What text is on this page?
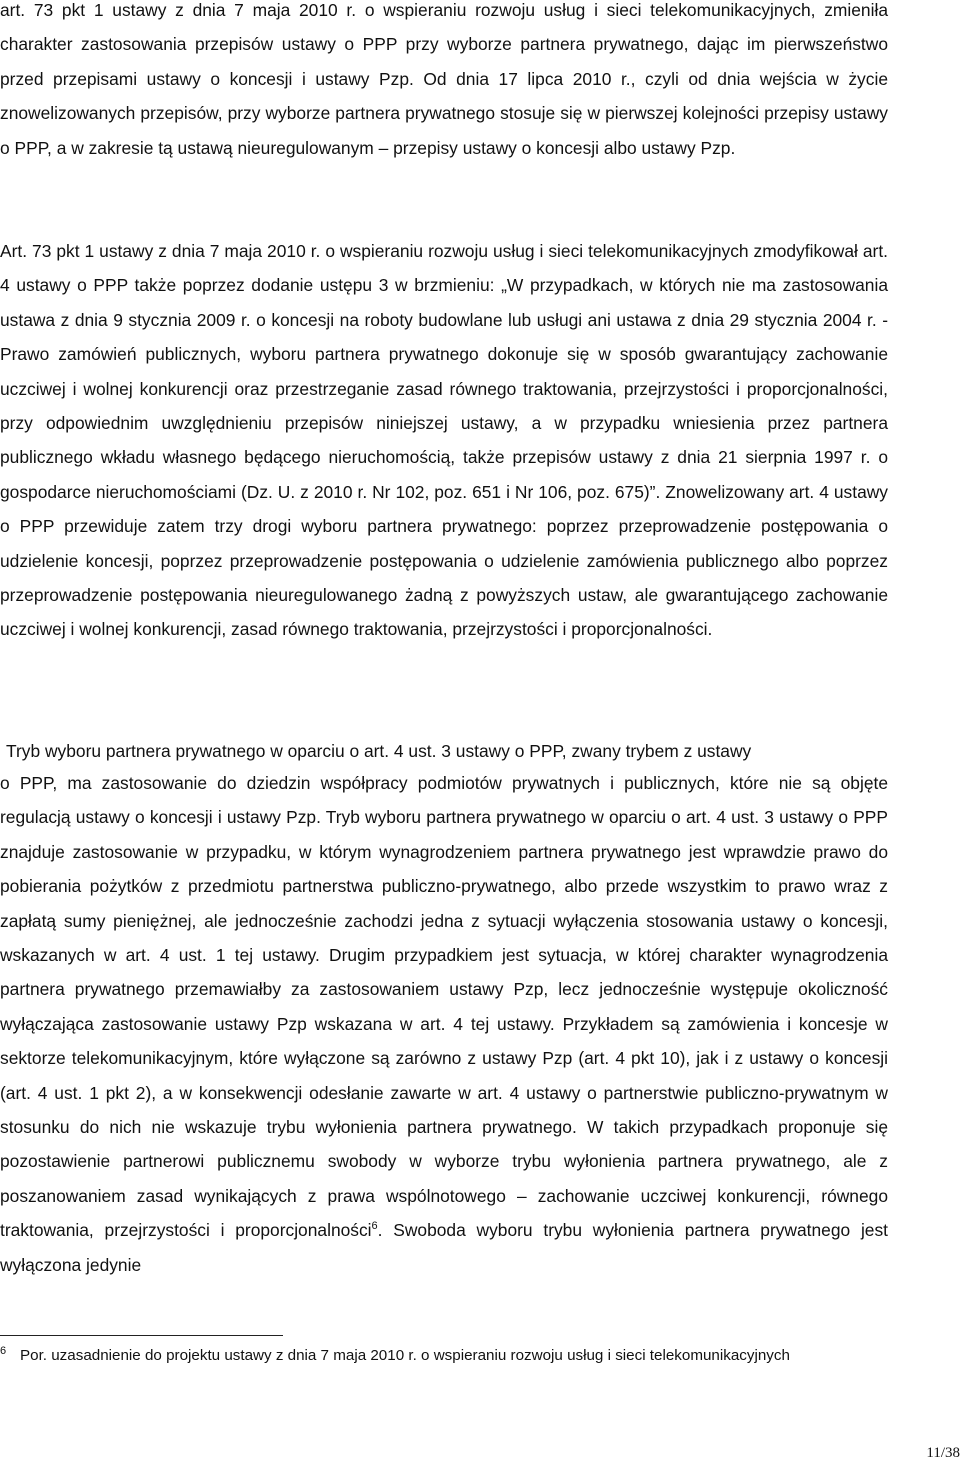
art. 73 pkt 1 ustawy z dnia 7 maja 2010 r. o wspieraniu rozwoju usług i sieci telekomunikacyjnych, zmieniła charakter zastosowania przepisów ustawy o PPP przy wyborze partnera prywatnego, dając im pierwszeństwo przed przepisami ustawy o koncesji i ustawy Pzp. Od dnia 17 lipca 2010 r., czyli od dnia wejścia w życie znowelizowanych przepisów, przy wyborze partnera prywatnego stosuje się w pierwszej kolejności przepisy ustawy o PPP, a w zakresie tą ustawą nieuregulowanym – przepisy ustawy o koncesji albo ustawy Pzp.

Art. 73 pkt 1 ustawy z dnia 7 maja 2010 r. o wspieraniu rozwoju usług i sieci telekomunikacyjnych zmodyfikował art. 4 ustawy o PPP także poprzez dodanie ustępu 3 w brzmieniu: „W przypadkach, w których nie ma zastosowania ustawa z dnia 9 stycznia 2009 r. o koncesji na roboty budowlane lub usługi ani ustawa z dnia 29 stycznia 2004 r. - Prawo zamówień publicznych, wyboru partnera prywatnego dokonuje się w sposób gwarantujący zachowanie uczciwej i wolnej konkurencji oraz przestrzeganie zasad równego traktowania, przejrzystości i proporcjonalności, przy odpowiednim uwzględnieniu przepisów niniejszej ustawy, a w przypadku wniesienia przez partnera publicznego wkładu własnego będącego nieruchomością, także przepisów ustawy z dnia 21 sierpnia 1997 r. o gospodarce nieruchomościami (Dz. U. z 2010 r. Nr 102, poz. 651 i Nr 106, poz. 675)”. Znowelizowany art. 4 ustawy o PPP przewiduje zatem trzy drogi wyboru partnera prywatnego: poprzez przeprowadzenie postępowania o udzielenie koncesji, poprzez przeprowadzenie postępowania o udzielenie zamówienia publicznego albo poprzez przeprowadzenie postępowania nieuregulowanego żadną z powyższych ustaw, ale gwarantującego zachowanie uczciwej i wolnej konkurencji, zasad równego traktowania, przejrzystości i proporcjonalności.

Tryb wyboru partnera prywatnego w oparciu o art. 4 ust. 3 ustawy o PPP, zwany trybem z ustawy

o PPP, ma zastosowanie do dziedzin współpracy podmiotów prywatnych i publicznych, które nie są objęte regulacją ustawy o koncesji i ustawy Pzp. Tryb wyboru partnera prywatnego w oparciu o art. 4 ust. 3 ustawy o PPP znajduje zastosowanie w przypadku, w którym wynagrodzeniem partnera prywatnego jest wprawdzie prawo do pobierania pożytków z przedmiotu partnerstwa publiczno-prywatnego, albo przede wszystkim to prawo wraz z zapłatą sumy pieniężnej, ale jednocześnie zachodzi jedna z sytuacji wyłączenia stosowania ustawy o koncesji, wskazanych w art. 4 ust. 1 tej ustawy. Drugim przypadkiem jest sytuacja, w której charakter wynagrodzenia partnera prywatnego przemawiałby za zastosowaniem ustawy Pzp, lecz jednocześnie występuje okoliczność wyłączająca zastosowanie ustawy Pzp wskazana w art. 4 tej ustawy. Przykładem są zamówienia i koncesje w sektorze telekomunikacyjnym, które wyłączone są zarówno z ustawy Pzp (art. 4 pkt 10), jak i z ustawy o koncesji (art. 4 ust. 1 pkt 2), a w konsekwencji odesłanie zawarte w art. 4 ustawy o partnerstwie publiczno-prywatnym w stosunku do nich nie wskazuje trybu wyłonienia partnera prywatnego. W takich przypadkach proponuje się pozostawienie partnerowi publicznemu swobody w wyborze trybu wyłonienia partnera prywatnego, ale z poszanowaniem zasad wynikających z prawa wspólnotowego – zachowanie uczciwej konkurencji, równego traktowania, przejrzystości i proporcjonalności$^6$. Swoboda wyboru trybu wyłonienia partnera prywatnego jest wyłączona jedynie

6 Por. uzasadnienie do projektu ustawy z dnia 7 maja 2010 r. o wspieraniu rozwoju usług i sieci telekomunikacyjnych

11/38
